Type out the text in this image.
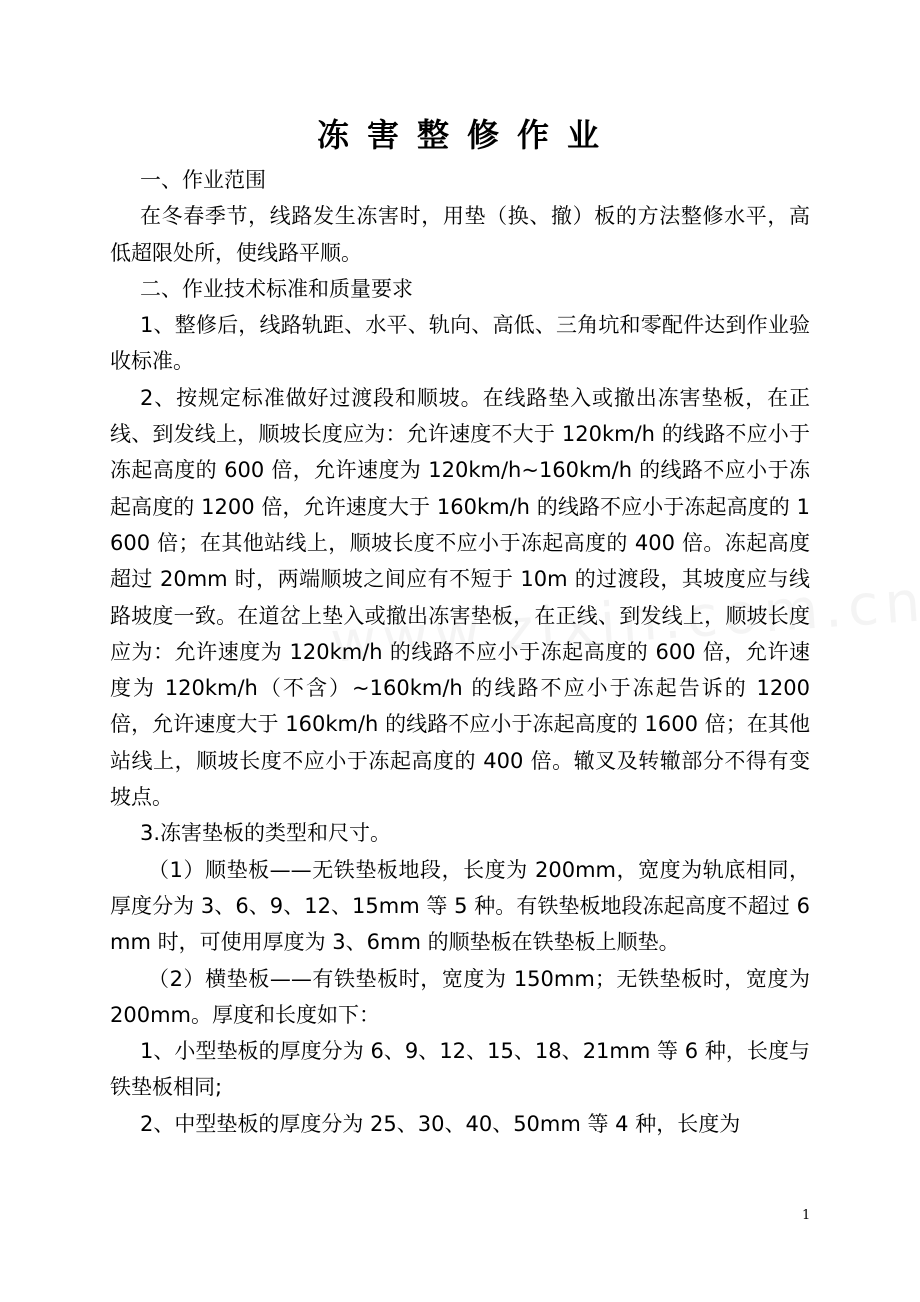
冻害整修作业

一、作业范围

在冬春季节，线路发生冻害时，用垫（换、撤）板的方法整修水平，高低超限处所，使线路平顺。

二、作业技术标准和质量要求

1、整修后，线路轨距、水平、轨向、高低、三角坑和零配件达到作业验收标准。

2、按规定标准做好过渡段和顺坡。在线路垫入或撤出冻害垫板，在正线、到发线上，顺坡长度应为：允许速度不大于 120km/h 的线路不应小于冻起高度的 600 倍，允许速度为 120km/h~160km/h 的线路不应小于冻起高度的 1200 倍，允许速度大于 160km/h 的线路不应小于冻起高度的 1600 倍；在其他站线上，顺坡长度不应小于冻起高度的 400 倍。冻起高度超过 20mm 时，两端顺坡之间应有不短于 10m 的过渡段，其坡度应与线路坡度一致。在道岔上垫入或撤出冻害垫板，在正线、到发线上，顺坡长度应为：允许速度为 120km/h 的线路不应小于冻起高度的 600 倍，允许速度为 120km/h（不含）~160km/h 的线路不应小于冻起告诉的 1200 倍，允许速度大于 160km/h 的线路不应小于冻起高度的 1600 倍；在其他站线上，顺坡长度不应小于冻起高度的 400 倍。辙叉及转辙部分不得有变坡点。

3.冻害垫板的类型和尺寸。

（1）顺垫板——无铁垫板地段，长度为 200mm，宽度为轨底相同，厚度分为 3、6、9、12、15mm 等 5 种。有铁垫板地段冻起高度不超过 6mm 时，可使用厚度为 3、6mm 的顺垫板在铁垫板上顺垫。

（2）横垫板——有铁垫板时，宽度为 150mm；无铁垫板时，宽度为 200mm。厚度和长度如下：

1、小型垫板的厚度分为 6、9、12、15、18、21mm 等 6 种，长度与铁垫板相同;

2、中型垫板的厚度分为 25、30、40、50mm 等 4 种，长度为

1
